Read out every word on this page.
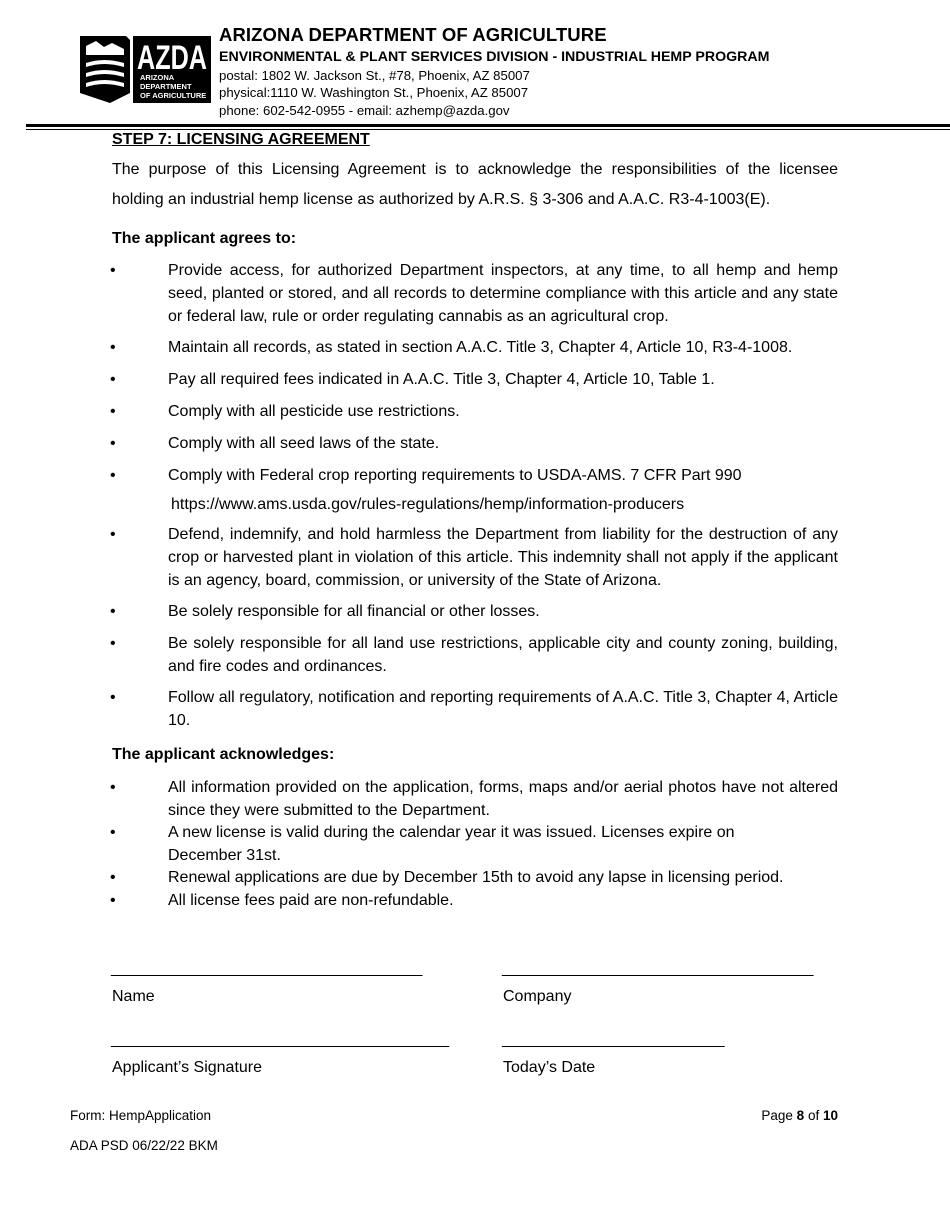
AZDA
ARIZONA
DEPARTMENT
OF AGRICULTURE
ARIZONA DEPARTMENT OF AGRICULTURE
ENVIRONMENTAL & PLANT SERVICES DIVISION - INDUSTRIAL HEMP PROGRAM
postal: 1802 W. Jackson St., #78, Phoenix, AZ 85007
physical:1110 W. Washington St., Phoenix, AZ 85007
phone: 602-542-0955 - email: azhemp@azda.gov
STEP 7: LICENSING AGREEMENT
The purpose of this Licensing Agreement is to acknowledge the responsibilities of the licensee
holding an industrial hemp license as authorized by A.R.S. § 3-306 and A.A.C. R3-4-1003(E).
The applicant agrees to:
•	Provide access, for authorized Department inspectors, at any time, to all hemp and hemp seed, planted or stored, and all records to determine compliance with this article and any state or federal law, rule or order regulating cannabis as an agricultural crop.
•	Maintain all records, as stated in section A.A.C. Title 3, Chapter 4, Article 10, R3-4-1008.
•	Pay all required fees indicated in A.A.C. Title 3, Chapter 4, Article 10, Table 1.
•	Comply with all pesticide use restrictions.
•	Comply with all seed laws of the state.
•	Comply with Federal crop reporting requirements to USDA-AMS. 7 CFR Part 990
https://www.ams.usda.gov/rules-regulations/hemp/information-producers
•	Defend, indemnify, and hold harmless the Department from liability for the destruction of any crop or harvested plant in violation of this article. This indemnity shall not apply if the applicant is an agency, board, commission, or university of the State of Arizona.
•	Be solely responsible for all financial or other losses.
•	Be solely responsible for all land use restrictions, applicable city and county zoning, building, and fire codes and ordinances.
•	Follow all regulatory, notification and reporting requirements of A.A.C. Title 3, Chapter 4, Article 10.
The applicant acknowledges:
•	All information provided on the application, forms, maps and/or aerial photos have not altered since they were submitted to the Department.
•	A new license is valid during the calendar year it was issued. Licenses expire on December 31st.
•	Renewal applications are due by December 15th to avoid any lapse in licensing period.
•	All license fees paid are non-refundable.
___________________________________	___________________________________
Name	Company
______________________________________	_________________________
Applicant’s Signature	Today’s Date
Form: HempApplication
ADA PSD 06/22/22 BKM
Page 8 of 10
